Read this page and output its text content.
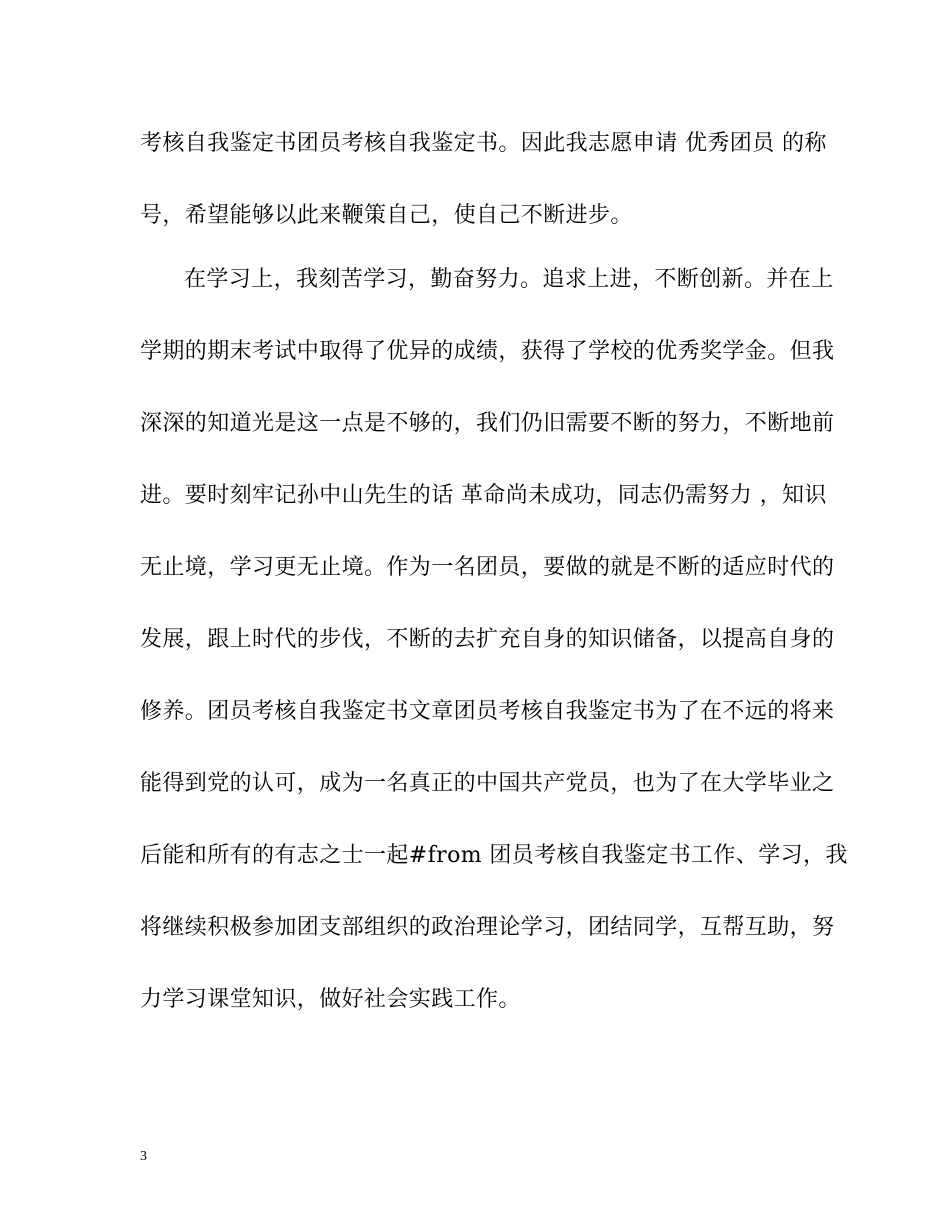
考核自我鉴定书团员考核自我鉴定书。因此我志愿申请 优秀团员 的称
号，希望能够以此来鞭策自己，使自己不断进步。
在学习上，我刻苦学习，勤奋努力。追求上进，不断创新。并在上
学期的期末考试中取得了优异的成绩，获得了学校的优秀奖学金。但我
深深的知道光是这一点是不够的，我们仍旧需要不断的努力，不断地前
进。要时刻牢记孙中山先生的话 革命尚未成功，同志仍需努力 ，知识
无止境，学习更无止境。作为一名团员，要做的就是不断的适应时代的
发展，跟上时代的步伐，不断的去扩充自身的知识储备，以提高自身的
修养。团员考核自我鉴定书文章团员考核自我鉴定书为了在不远的将来
能得到党的认可，成为一名真正的中国共产党员，也为了在大学毕业之
后能和所有的有志之士一起#from 团员考核自我鉴定书工作、学习，我
将继续积极参加团支部组织的政治理论学习，团结同学，互帮互助，努
力学习课堂知识，做好社会实践工作。
3
